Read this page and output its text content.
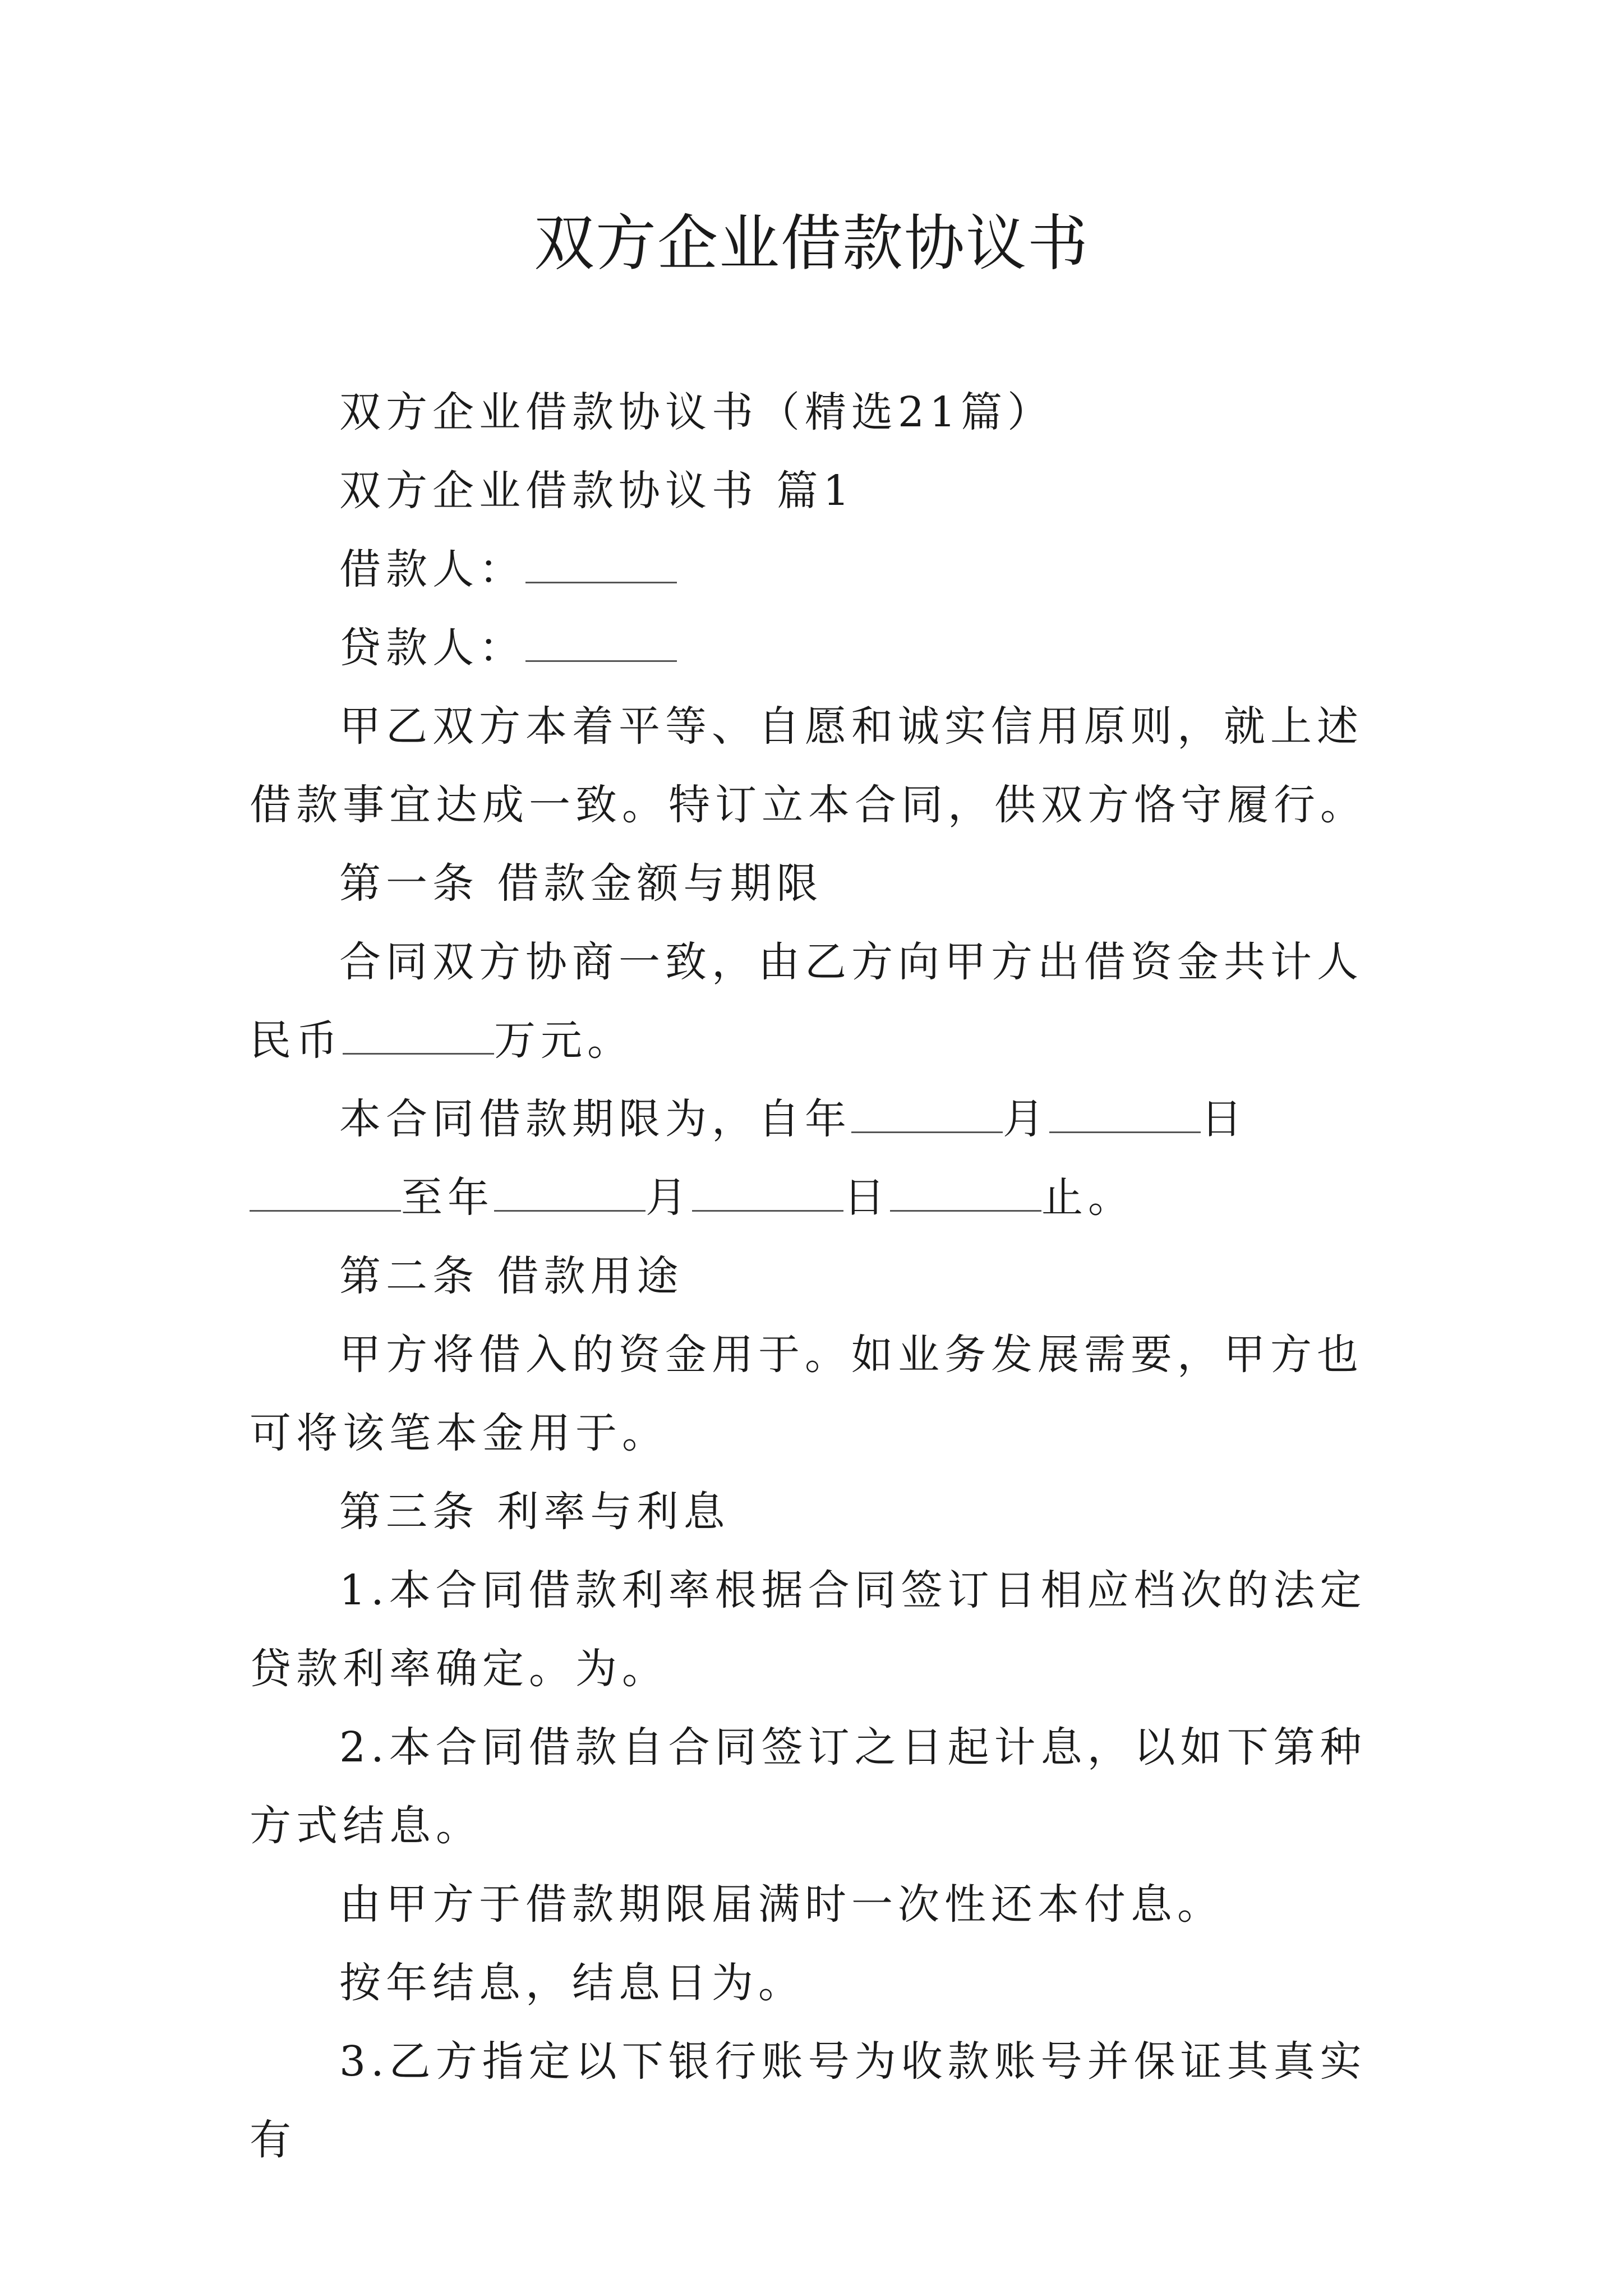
双方企业借款协议书

双方企业借款协议书（精选21篇）

双方企业借款协议书 篇1

借款人：

贷款人：

甲乙双方本着平等、自愿和诚实信用原则，就上述借款事宜达成一致。特订立本合同，供双方恪守履行。

第一条 借款金额与期限

合同双方协商一致，由乙方向甲方出借资金共计人民币	万元。

本合同借款期限为，自年	月	日至年	月	日	止。

第二条 借款用途

甲方将借入的资金用于。如业务发展需要，甲方也可将该笔本金用于。

第三条 利率与利息

1.本合同借款利率根据合同签订日相应档次的法定贷款利率确定。为。

2.本合同借款自合同签订之日起计息，以如下第种方式结息。

由甲方于借款期限届满时一次性还本付息。

按年结息，结息日为。

3.乙方指定以下银行账号为收款账号并保证其真实有
